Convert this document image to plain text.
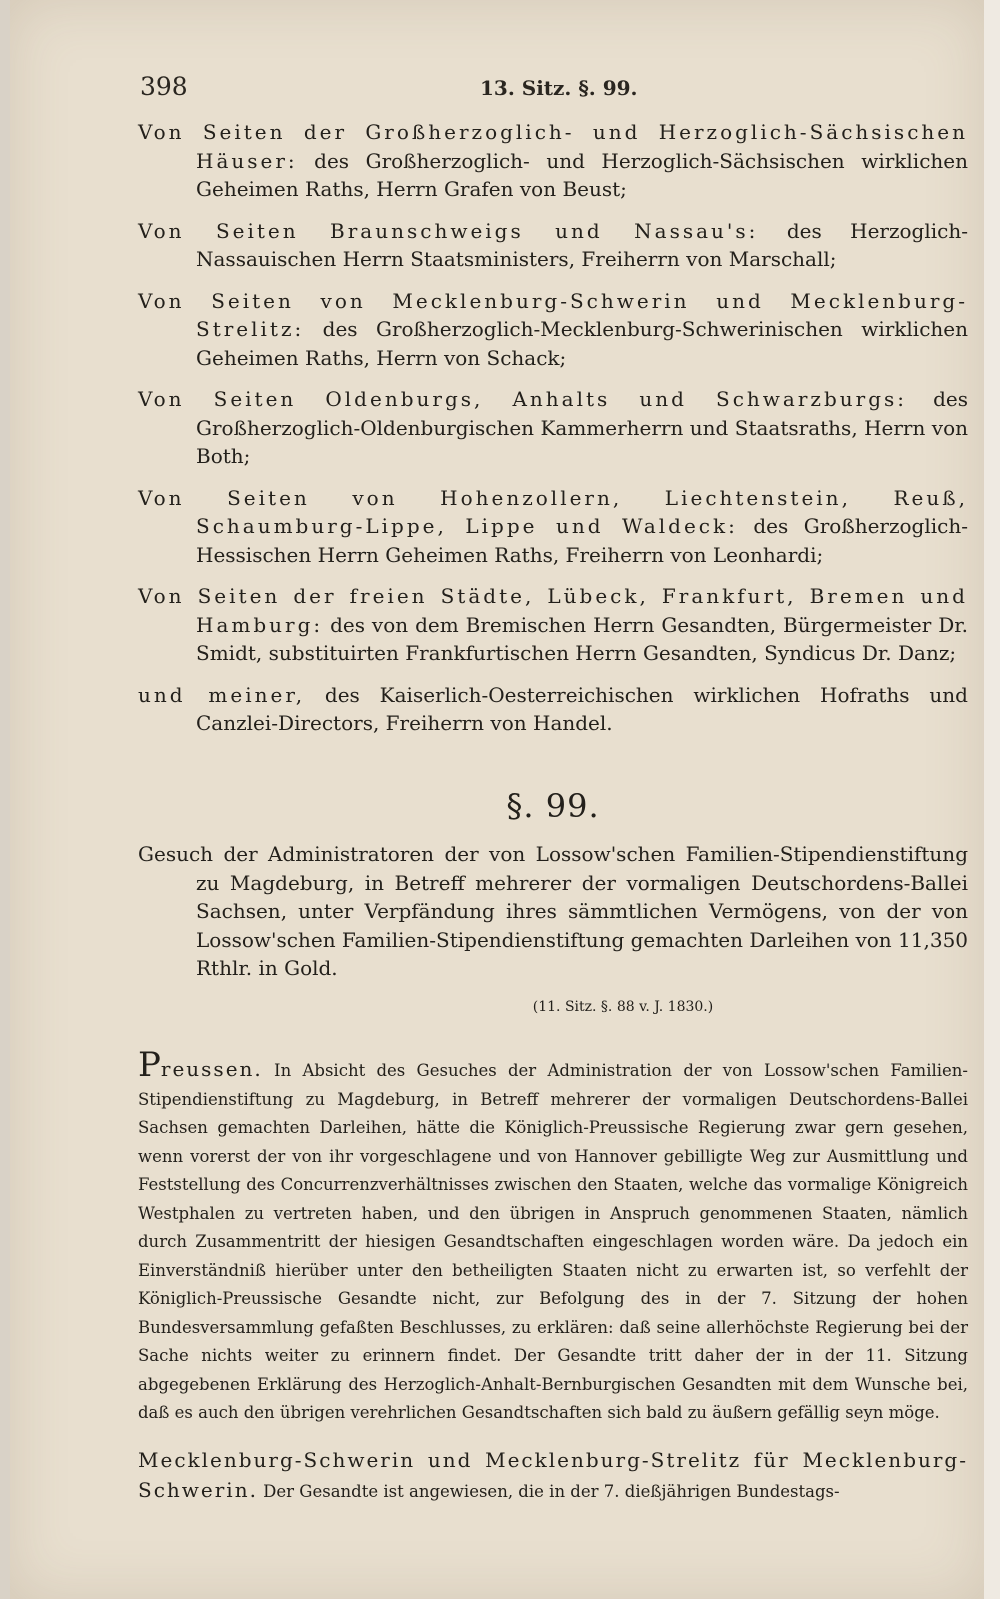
398	13. Sitz. §. 99.
Von Seiten der Großherzoglich- und Herzoglich-Sächsischen Häuser: des Großherzoglich- und Herzoglich-Sächsischen wirklichen Geheimen Raths, Herrn Grafen von Beust;
Von Seiten Braunschweigs und Nassau's: des Herzoglich-Nassauischen Herrn Staatsministers, Freiherrn von Marschall;
Von Seiten von Mecklenburg-Schwerin und Mecklenburg-Strelitz: des Großherzoglich-Mecklenburg-Schwerinischen wirklichen Geheimen Raths, Herrn von Schack;
Von Seiten Oldenburgs, Anhalts und Schwarzburgs: des Großherzoglich-Oldenburgischen Kammerherrn und Staatsraths, Herrn von Both;
Von Seiten von Hohenzollern, Liechtenstein, Reuß, Schaumburg-Lippe, Lippe und Waldeck: des Großherzoglich-Hessischen Herrn Geheimen Raths, Freiherrn von Leonhardi;
Von Seiten der freien Städte, Lübeck, Frankfurt, Bremen und Hamburg: des von dem Bremischen Herrn Gesandten, Bürgermeister Dr. Smidt, substituirten Frankfurtischen Herrn Gesandten, Syndicus Dr. Danz;
und meiner, des Kaiserlich-Oesterreichischen wirklichen Hofraths und Canzlei-Directors, Freiherrn von Handel.
§. 99.

Gesuch der Administratoren der von Lossow'schen Familien-Stipendienstiftung zu Magdeburg, in Betreff mehrerer der vormaligen Deutschordens-Ballei Sachsen, unter Verpfändung ihres sämmtlichen Vermögens, von der von Lossow'schen Familien-Stipendienstiftung gemachten Darleihen von 11,350 Rthlr. in Gold.

(11. Sitz. §. 88 v. J. 1830.)

Preussen. In Absicht des Gesuches der Administration der von Lossow'schen Familien-Stipendienstiftung zu Magdeburg, in Betreff mehrerer der vormaligen Deutschordens-Ballei Sachsen gemachten Darleihen, hätte die Königlich-Preussische Regierung zwar gern gesehen, wenn vorerst der von ihr vorgeschlagene und von Hannover gebilligte Weg zur Ausmittlung und Feststellung des Concurrenzverhältnisses zwischen den Staaten, welche das vormalige Königreich Westphalen zu vertreten haben, und den übrigen in Anspruch genommenen Staaten, nämlich durch Zusammentritt der hiesigen Gesandtschaften eingeschlagen worden wäre. Da jedoch ein Einverständniß hierüber unter den betheiligten Staaten nicht zu erwarten ist, so verfehlt der Königlich-Preussische Gesandte nicht, zur Befolgung des in der 7. Sitzung der hohen Bundesversammlung gefaßten Beschlusses, zu erklären: daß seine allerhöchste Regierung bei der Sache nichts weiter zu erinnern findet. Der Gesandte tritt daher der in der 11. Sitzung abgegebenen Erklärung des Herzoglich-Anhalt-Bernburgischen Gesandten mit dem Wunsche bei, daß es auch den übrigen verehrlichen Gesandtschaften sich bald zu äußern gefällig seyn möge.

Mecklenburg-Schwerin und Mecklenburg-Strelitz für Mecklenburg-Schwerin. Der Gesandte ist angewiesen, die in der 7. dießjährigen Bundestags-
